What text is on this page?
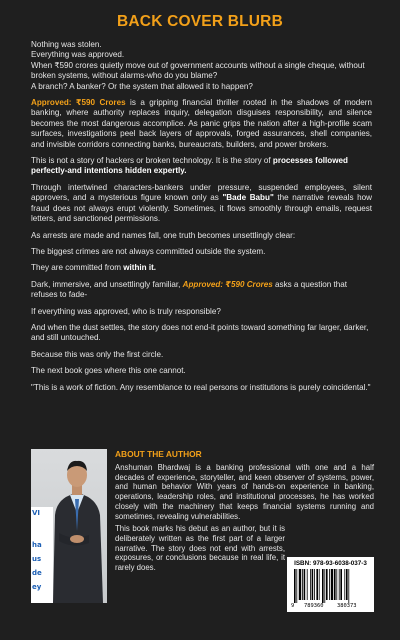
BACK COVER BLURB

Nothing was stolen.

Everything was approved.

When ₹590 crores quietly move out of government accounts without a single cheque, without broken systems, without alarms-who do you blame?

A branch? A banker? Or the system that allowed it to happen?

Approved: ₹590 Crores is a gripping financial thriller rooted in the shadows of modern banking, where authority replaces inquiry, delegation disguises responsibility, and silence becomes the most dangerous accomplice. As panic grips the nation after a high-profile scam surfaces, investigations peel back layers of approvals, forged assurances, shell companies, and invisible corridors connecting banks, bureaucrats, builders, and power brokers.

This is not a story of hackers or broken technology. It is the story of processes followed perfectly-and intentions hidden expertly.

Through intertwined characters-bankers under pressure, suspended employees, silent approvers, and a mysterious figure known only as "Bade Babu" the narrative reveals how fraud does not always erupt violently. Sometimes, it flows smoothly through emails, request letters, and sanctioned permissions.

As arrests are made and names fall, one truth becomes unsettlingly clear:

The biggest crimes are not always committed outside the system.

They are committed from within it.

Dark, immersive, and unsettlingly familiar, Approved: ₹590 Crores asks a question that refuses to fade-

If everything was approved, who is truly responsible?

And when the dust settles, the story does not end-it points toward something far larger, darker, and still untouched.

Because this was only the first circle.

The next book goes where this one cannot.

"This is a work of fiction. Any resemblance to real persons or institutions is purely coincidental."

VI
ha
us
de
ey
ABOUT THE AUTHOR

Anshuman Bhardwaj is a banking professional with one and a half decades of experience, storyteller, and keen observer of systems, power, and human behavior With years of hands-on experience in banking, operations, leadership roles, and institutional processes, he has worked closely with the machinery that keeps financial systems running and sometimes, revealing vulnerabilities.

This book marks his debut as an author, but it is deliberately written as the first part of a larger narrative. The story does not end with arrests, exposures, or conclusions because in real life, it rarely does.	ISBN: 978-93-6038-037-3
9 789360	380373
